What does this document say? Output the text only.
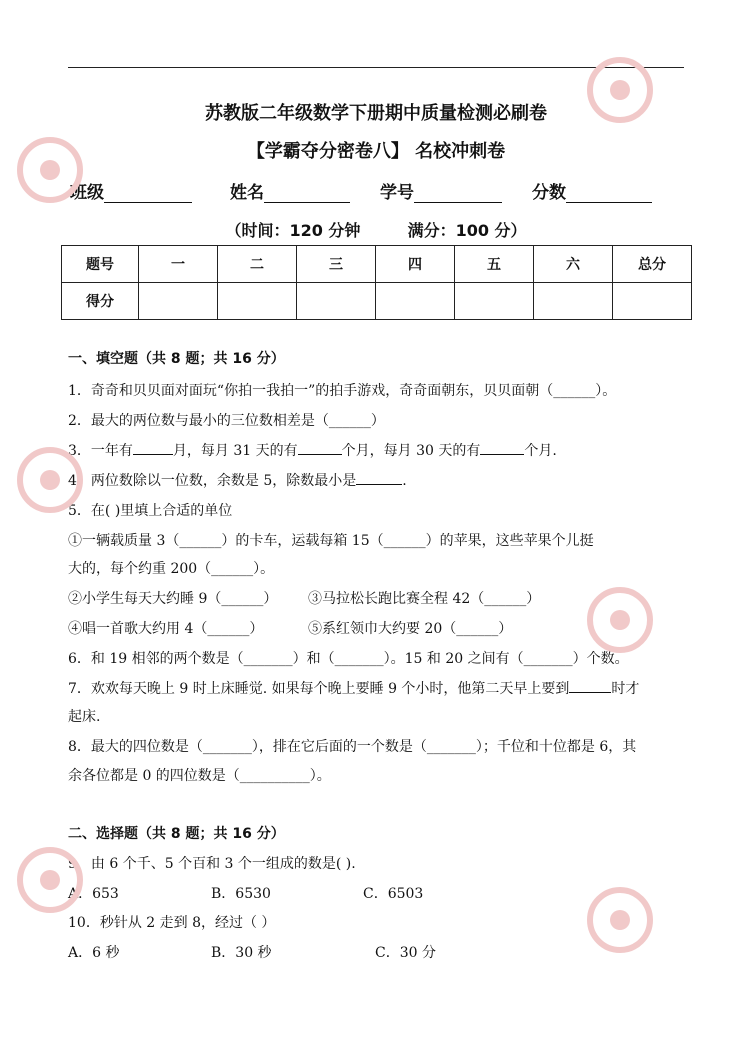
苏教版二年级数学下册期中质量检测必刷卷
【学霸夺分密卷八】 名校冲刺卷
班级	姓名	学号	分数
（时间：120 分钟	满分：100 分）
题号	一	二	三	四	五	六	总分
得分							
一、填空题（共 8 题；共 16 分）
1．奇奇和贝贝面对面玩“你拍一我拍一”的拍手游戏，奇奇面朝东，贝贝面朝（______）。
2．最大的两位数与最小的三位数相差是（______）
3．一年有	月，每月 31 天的有	个月，每月 30 天的有	个月.
4．两位数除以一位数，余数是 5，除数最小是	.
5．在( )里填上合适的单位
①一辆载质量 3（______）的卡车，运载每箱 15（______）的苹果，这些苹果个儿挺
大的，每个约重 200（______）。
②小学生每天大约睡 9（______） ③马拉松长跑比赛全程 42（______）
④唱一首歌大约用 4（______）	⑤系红领巾大约要 20（______）
6．和 19 相邻的两个数是（_______）和（_______）。15 和 20 之间有（_______）个数。
7．欢欢每天晚上 9 时上床睡觉. 如果每个晚上要睡 9 个小时，他第二天早上要到	时才
起床.
8．最大的四位数是（_______），排在它后面的一个数是（_______）；千位和十位都是 6，其
余各位都是 0 的四位数是（__________）。
二、选择题（共 8 题；共 16 分）
9．由 6 个千、5 个百和 3 个一组成的数是( ).
A．653	B．6530	C．6503
10．秒针从 2 走到 8，经过（ ）
A．6 秒	B．30 秒	C．30 分
